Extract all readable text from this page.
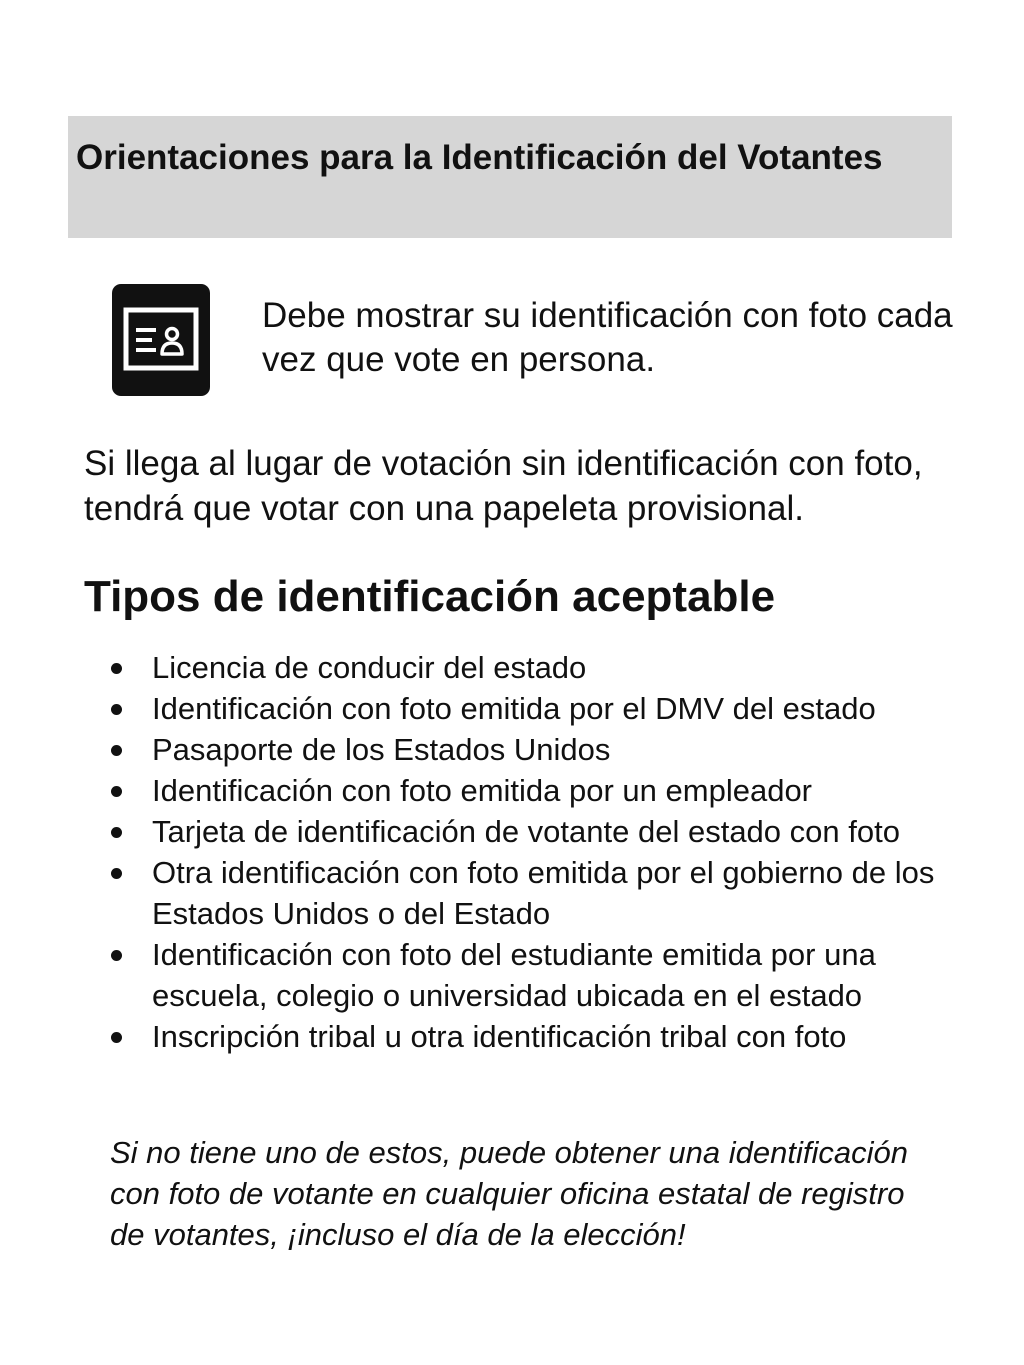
Orientaciones para la Identificación del Votantes

Debe mostrar su identificación con foto cada vez que vote en persona.

Si llega al lugar de votación sin identificación con foto, tendrá que votar con una papeleta provisional.

Tipos de identificación aceptable
Licencia de conducir del estado
Identificación con foto emitida por el DMV del estado
Pasaporte de los Estados Unidos
Identificación con foto emitida por un empleador
Tarjeta de identificación de votante del estado con foto
Otra identificación con foto emitida por el gobierno de los Estados Unidos o del Estado
Identificación con foto del estudiante emitida por una escuela, colegio o universidad ubicada en el estado
Inscripción tribal u otra identificación tribal con foto

Si no tiene uno de estos, puede obtener una identificación con foto de votante en cualquier oficina estatal de registro de votantes, ¡incluso el día de la elección!
